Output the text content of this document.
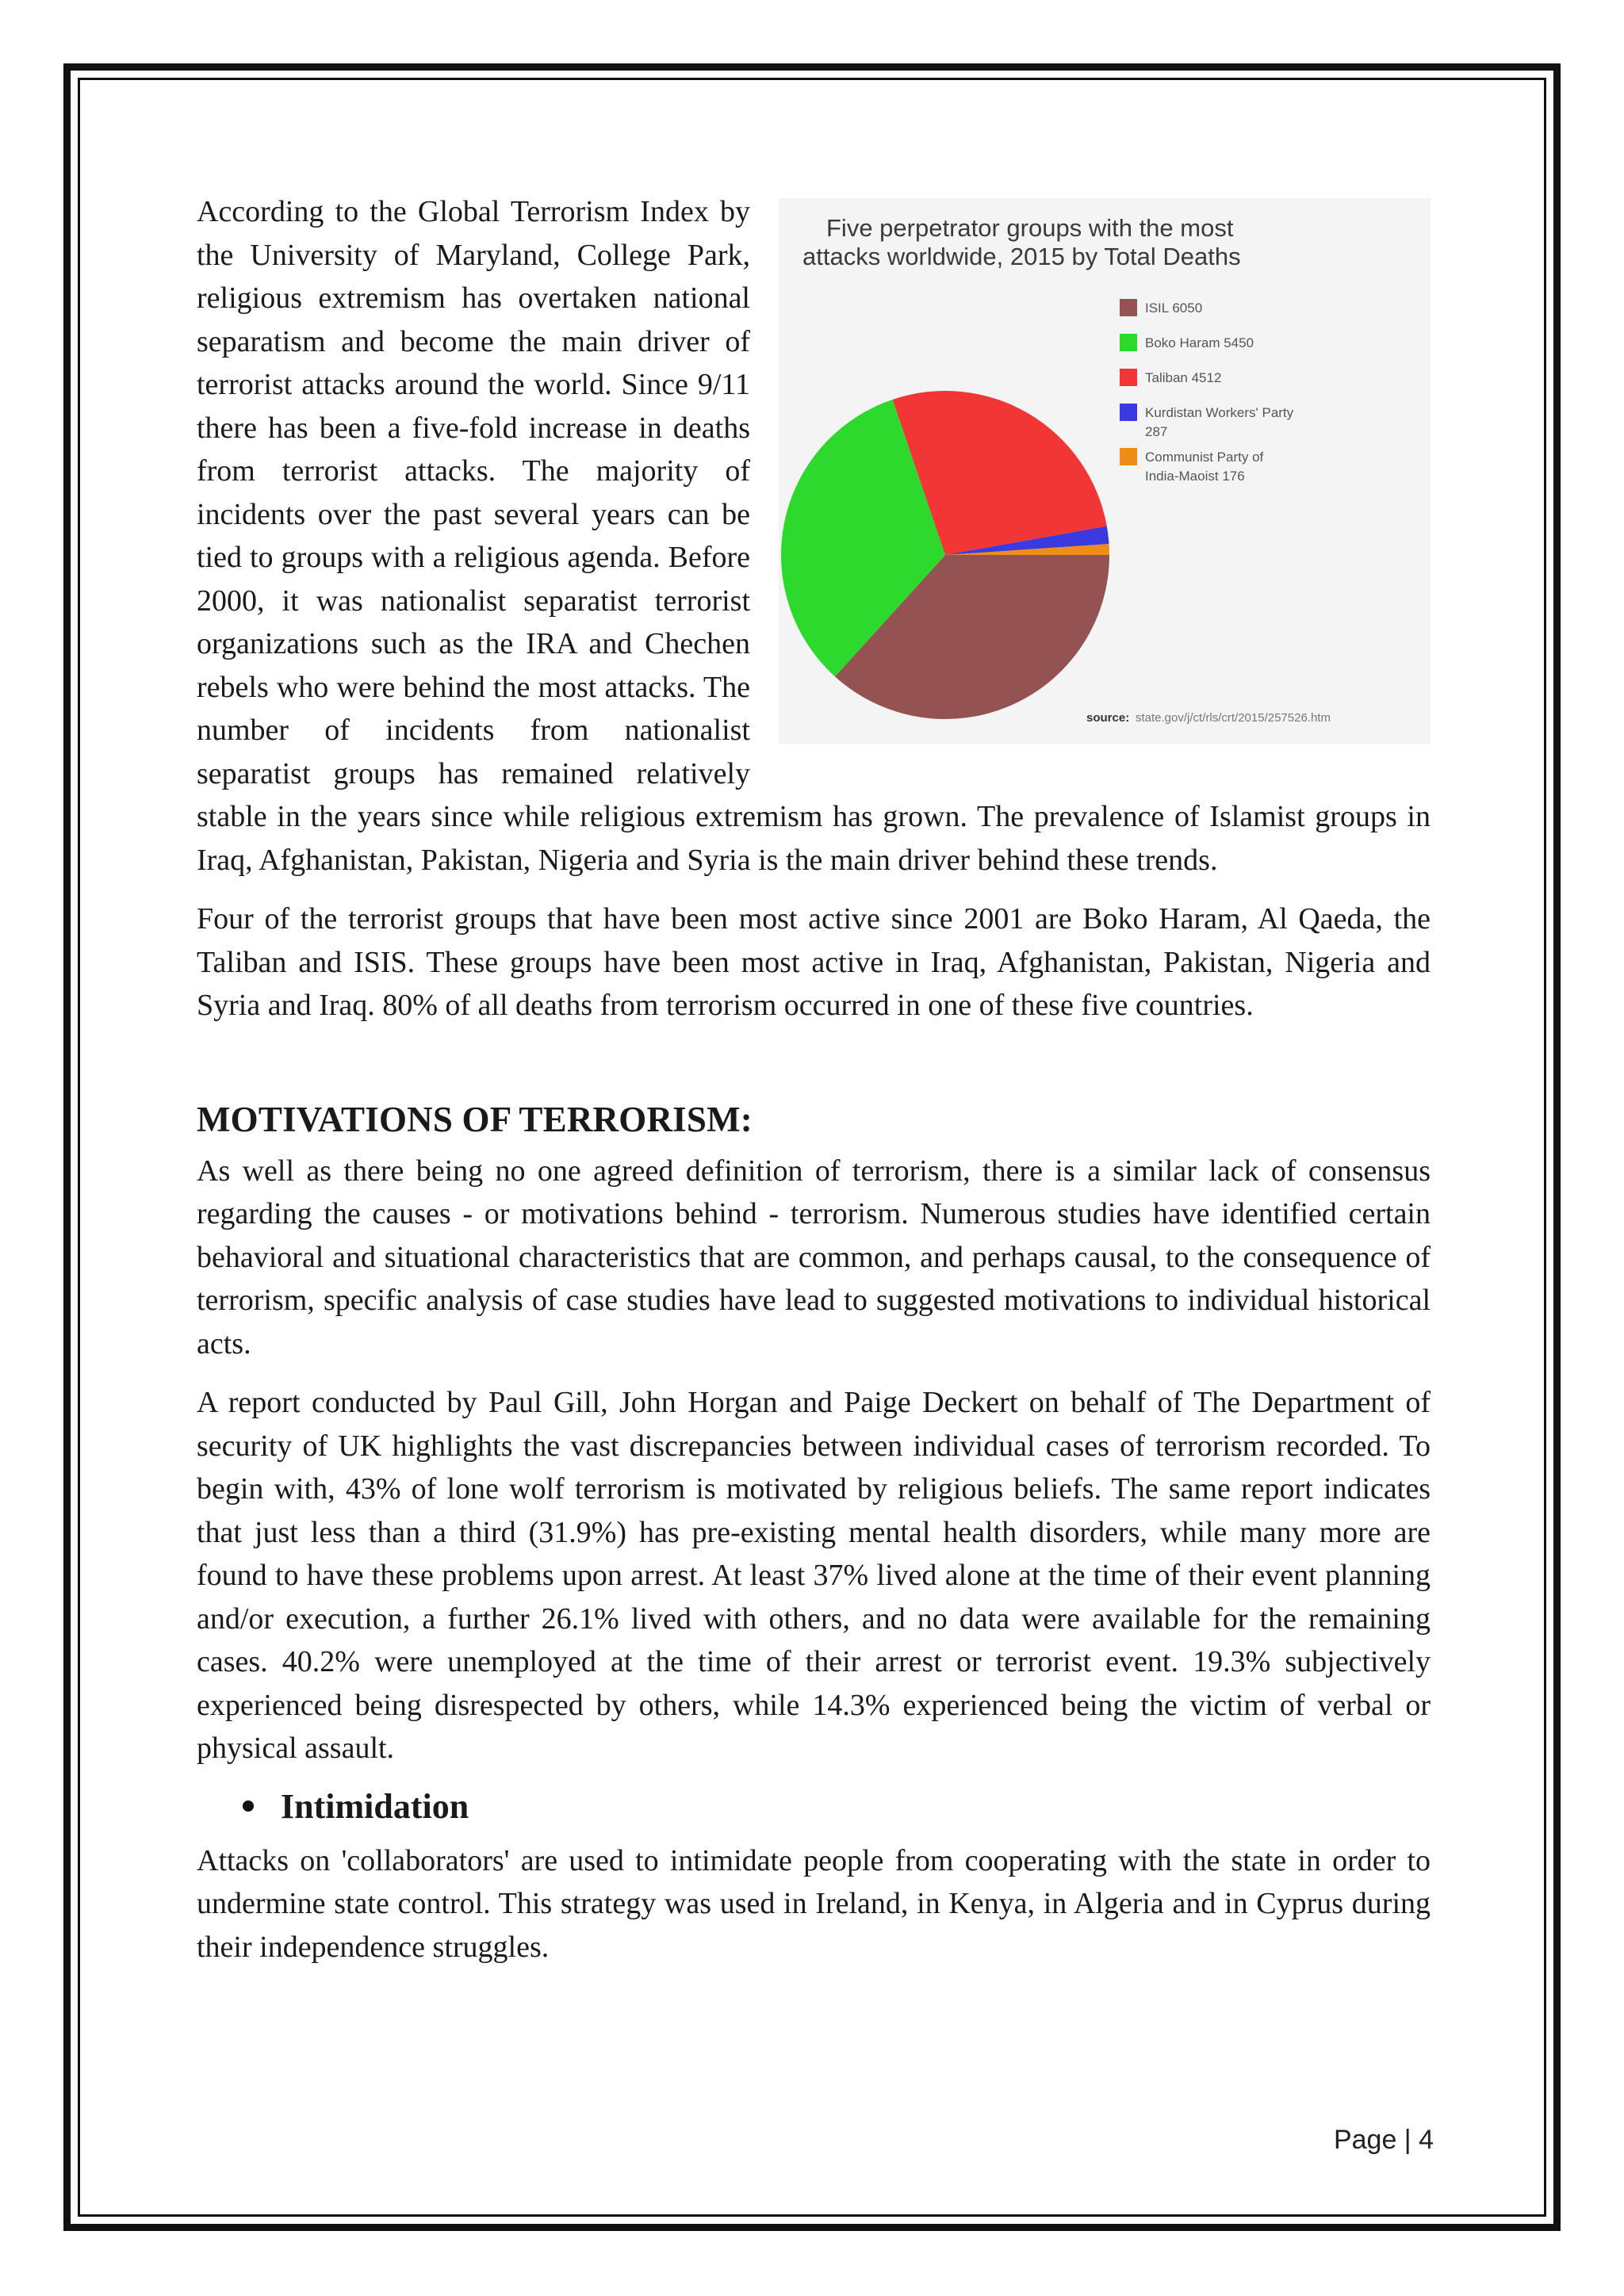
Five perpetrator groups with the most
attacks worldwide, 2015 by Total Deaths
ISIL 6050
Boko Haram 5450
Taliban 4512
Kurdistan Workers' Party
287
Communist Party of
India-Maoist 176
source: state.gov/j/ct/rls/crt/2015/257526.htm

According to the Global Terrorism Index by the University of Maryland, College Park, religious extremism has overtaken national separatism and become the main driver of terrorist attacks around the world. Since 9/11 there has been a five-fold increase in deaths from terrorist attacks. The majority of incidents over the past several years can be tied to groups with a religious agenda. Before 2000, it was nationalist separatist terrorist organizations such as the IRA and Chechen rebels who were behind the most attacks. The number of incidents from nationalist separatist groups has remained relatively stable in the years since while religious extremism has grown. The prevalence of Islamist groups in Iraq, Afghanistan, Pakistan, Nigeria and Syria is the main driver behind these trends.

Four of the terrorist groups that have been most active since 2001 are Boko Haram, Al Qaeda, the Taliban and ISIS. These groups have been most active in Iraq, Afghanistan, Pakistan, Nigeria and Syria and Iraq. 80% of all deaths from terrorism occurred in one of these five countries.

MOTIVATIONS OF TERRORISM:

As well as there being no one agreed definition of terrorism, there is a similar lack of consensus regarding the causes - or motivations behind - terrorism. Numerous studies have identified certain behavioral and situational characteristics that are common, and perhaps causal, to the consequence of terrorism, specific analysis of case studies have lead to suggested motivations to individual historical acts.

A report conducted by Paul Gill, John Horgan and Paige Deckert on behalf of The Department of security of UK highlights the vast discrepancies between individual cases of terrorism recorded. To begin with, 43% of lone wolf terrorism is motivated by religious beliefs. The same report indicates that just less than a third (31.9%) has pre-existing mental health disorders, while many more are found to have these problems upon arrest. At least 37% lived alone at the time of their event planning and/or execution, a further 26.1% lived with others, and no data were available for the remaining cases. 40.2% were unemployed at the time of their arrest or terrorist event. 19.3% subjectively experienced being disrespected by others, while 14.3% experienced being the victim of verbal or physical assault.

Intimidation

Attacks on 'collaborators' are used to intimidate people from cooperating with the state in order to undermine state control. This strategy was used in Ireland, in Kenya, in Algeria and in Cyprus during their independence struggles.

Page | 4
